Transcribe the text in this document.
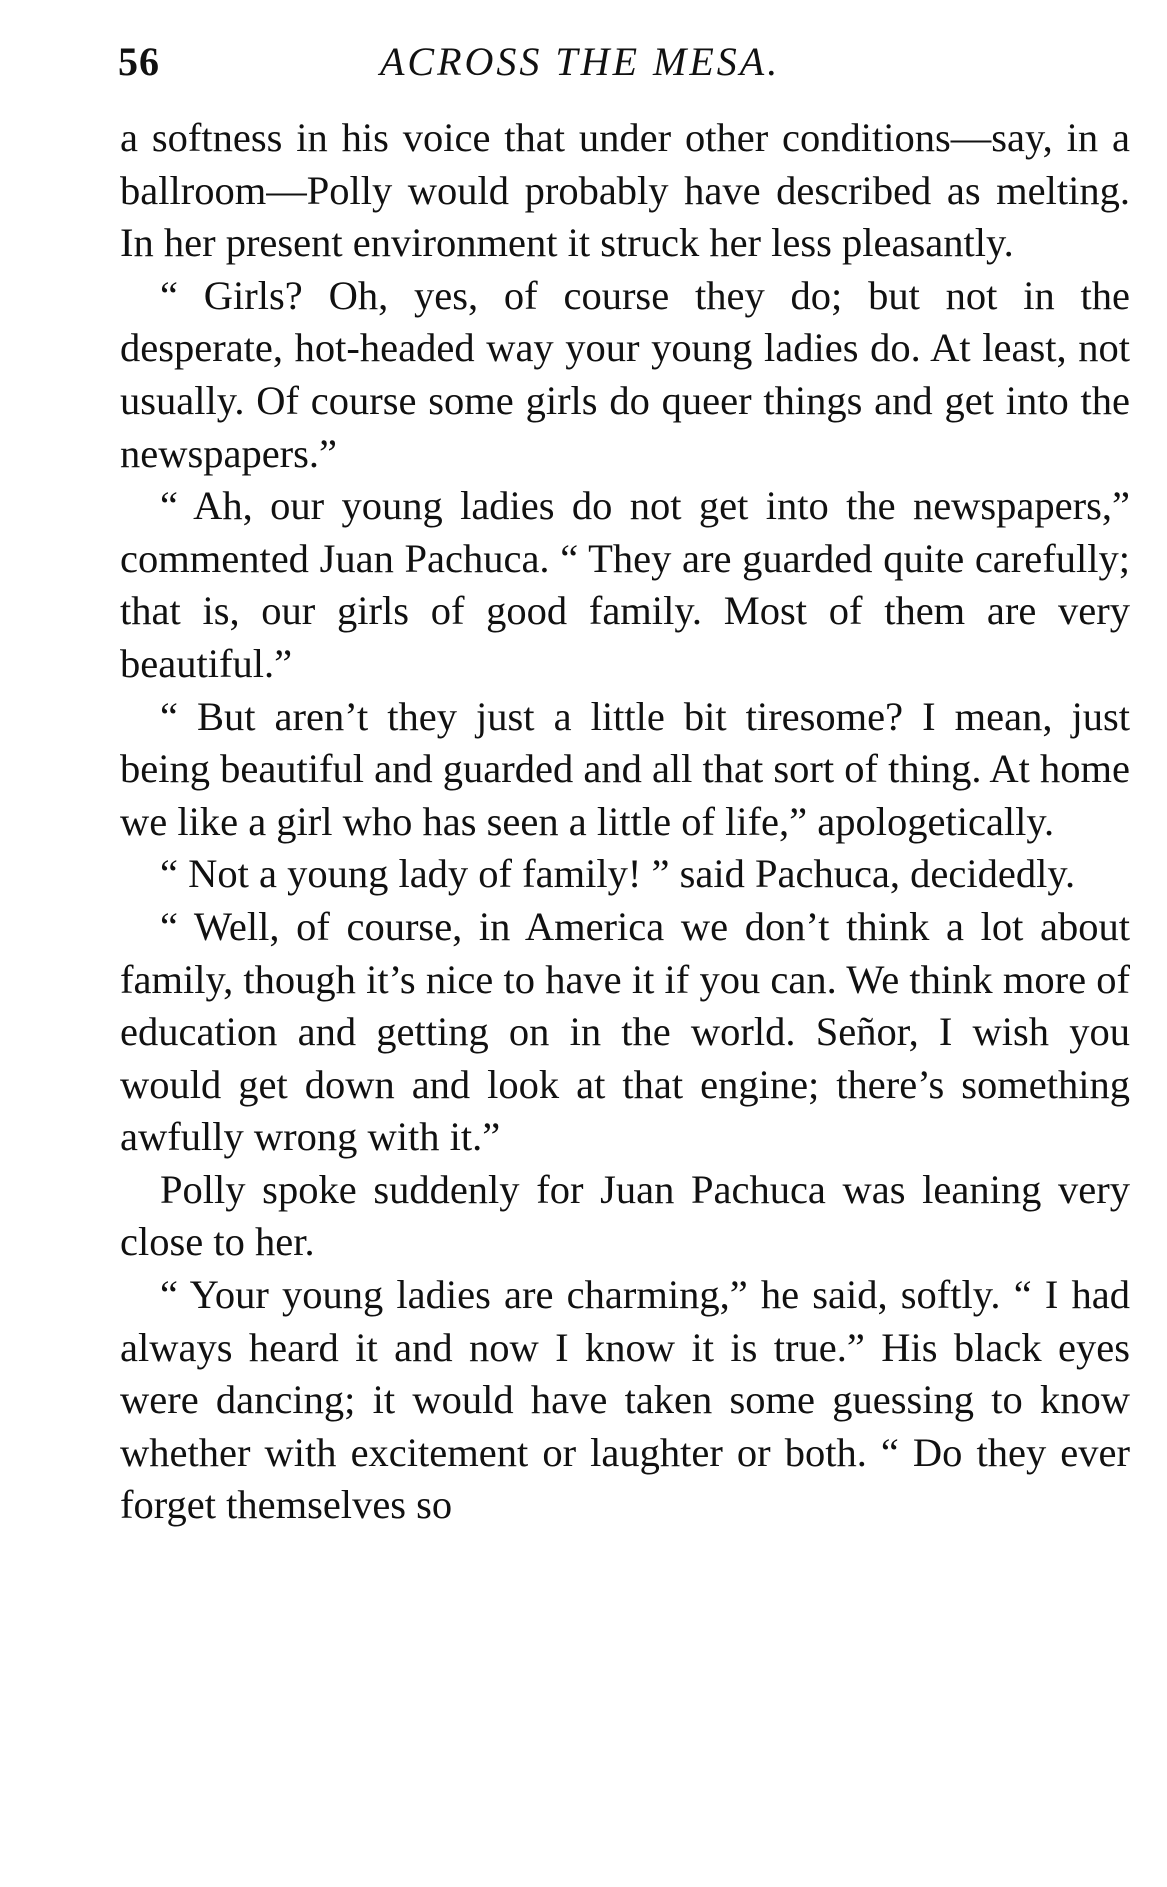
56	ACROSS THE MESA.

a softness in his voice that under other conditions—say, in a ballroom—Polly would probably have described as melting. In her present environment it struck her less pleasantly.

“ Girls? Oh, yes, of course they do; but not in the desperate, hot-headed way your young ladies do. At least, not usually. Of course some girls do queer things and get into the newspapers.”

“ Ah, our young ladies do not get into the newspapers,” commented Juan Pachuca. “ They are guarded quite carefully; that is, our girls of good family. Most of them are very beautiful.”

“ But aren’t they just a little bit tiresome? I mean, just being beautiful and guarded and all that sort of thing. At home we like a girl who has seen a little of life,” apologetically.

“ Not a young lady of family! ” said Pachuca, decidedly.

“ Well, of course, in America we don’t think a lot about family, though it’s nice to have it if you can. We think more of education and getting on in the world. Señor, I wish you would get down and look at that engine; there’s something awfully wrong with it.”

Polly spoke suddenly for Juan Pachuca was leaning very close to her.

“ Your young ladies are charming,” he said, softly. “ I had always heard it and now I know it is true.” His black eyes were dancing; it would have taken some guessing to know whether with excitement or laughter or both. “ Do they ever forget themselves so
